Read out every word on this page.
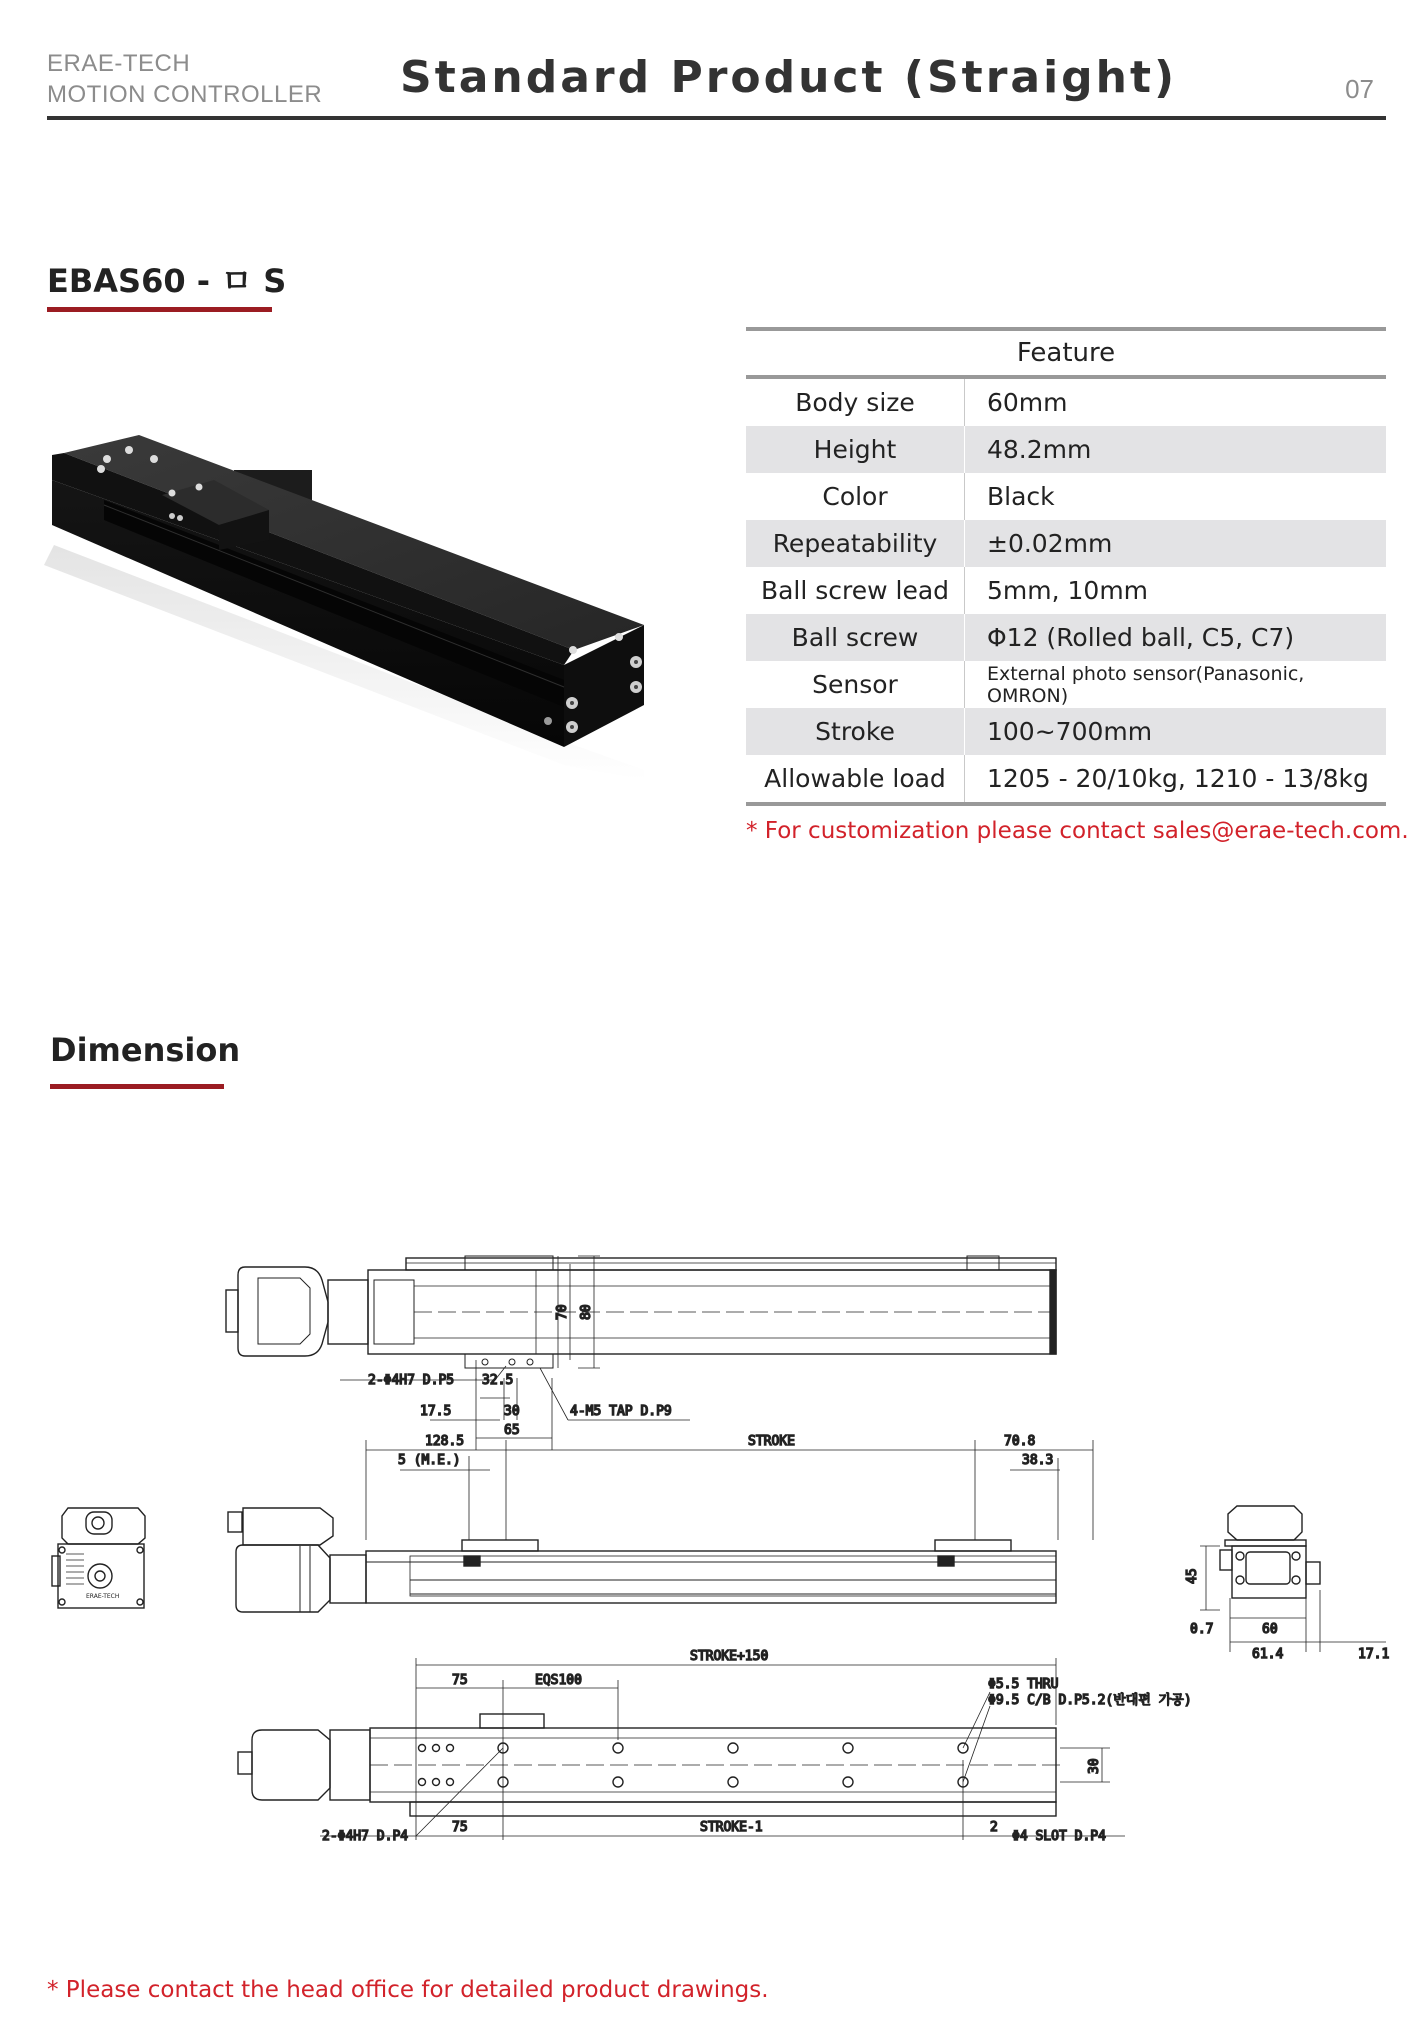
ERAE-TECH
MOTION CONTROLLER Standard Product (Straight)	07
EBAS60 - ㅁ S
Feature	
Body size	60mm
Height	48.2mm
Color	Black
Repeatability	±0.02mm
Ball screw lead	5mm, 10mm
Ball screw	Φ12 (Rolled ball, C5, C7)
Sensor	External photo sensor(Panasonic, OMRON)
Stroke	100~700mm
Allowable load	1205 - 20/10kg, 1210 - 13/8kg
* For customization please contact sales@erae-tech.com.
Dimension
2-Φ4H7 D.P5 32.5
17.5	30	4-M5 TAP D.P9
65
70 80
ERAE-TECH
128.5	STROKE	70.8
5 (M.E.)	38.3
45
0.7	60
61.4	17.1
STROKE+150
75	EQS100	Φ5.5 THRU
Φ9.5 C/B D.P5.2(반대편 가공)
30
2-Φ4H7 D.P4
75	STROKE-1	2
Φ4 SLOT D.P4
* Please contact the head office for detailed product drawings.
